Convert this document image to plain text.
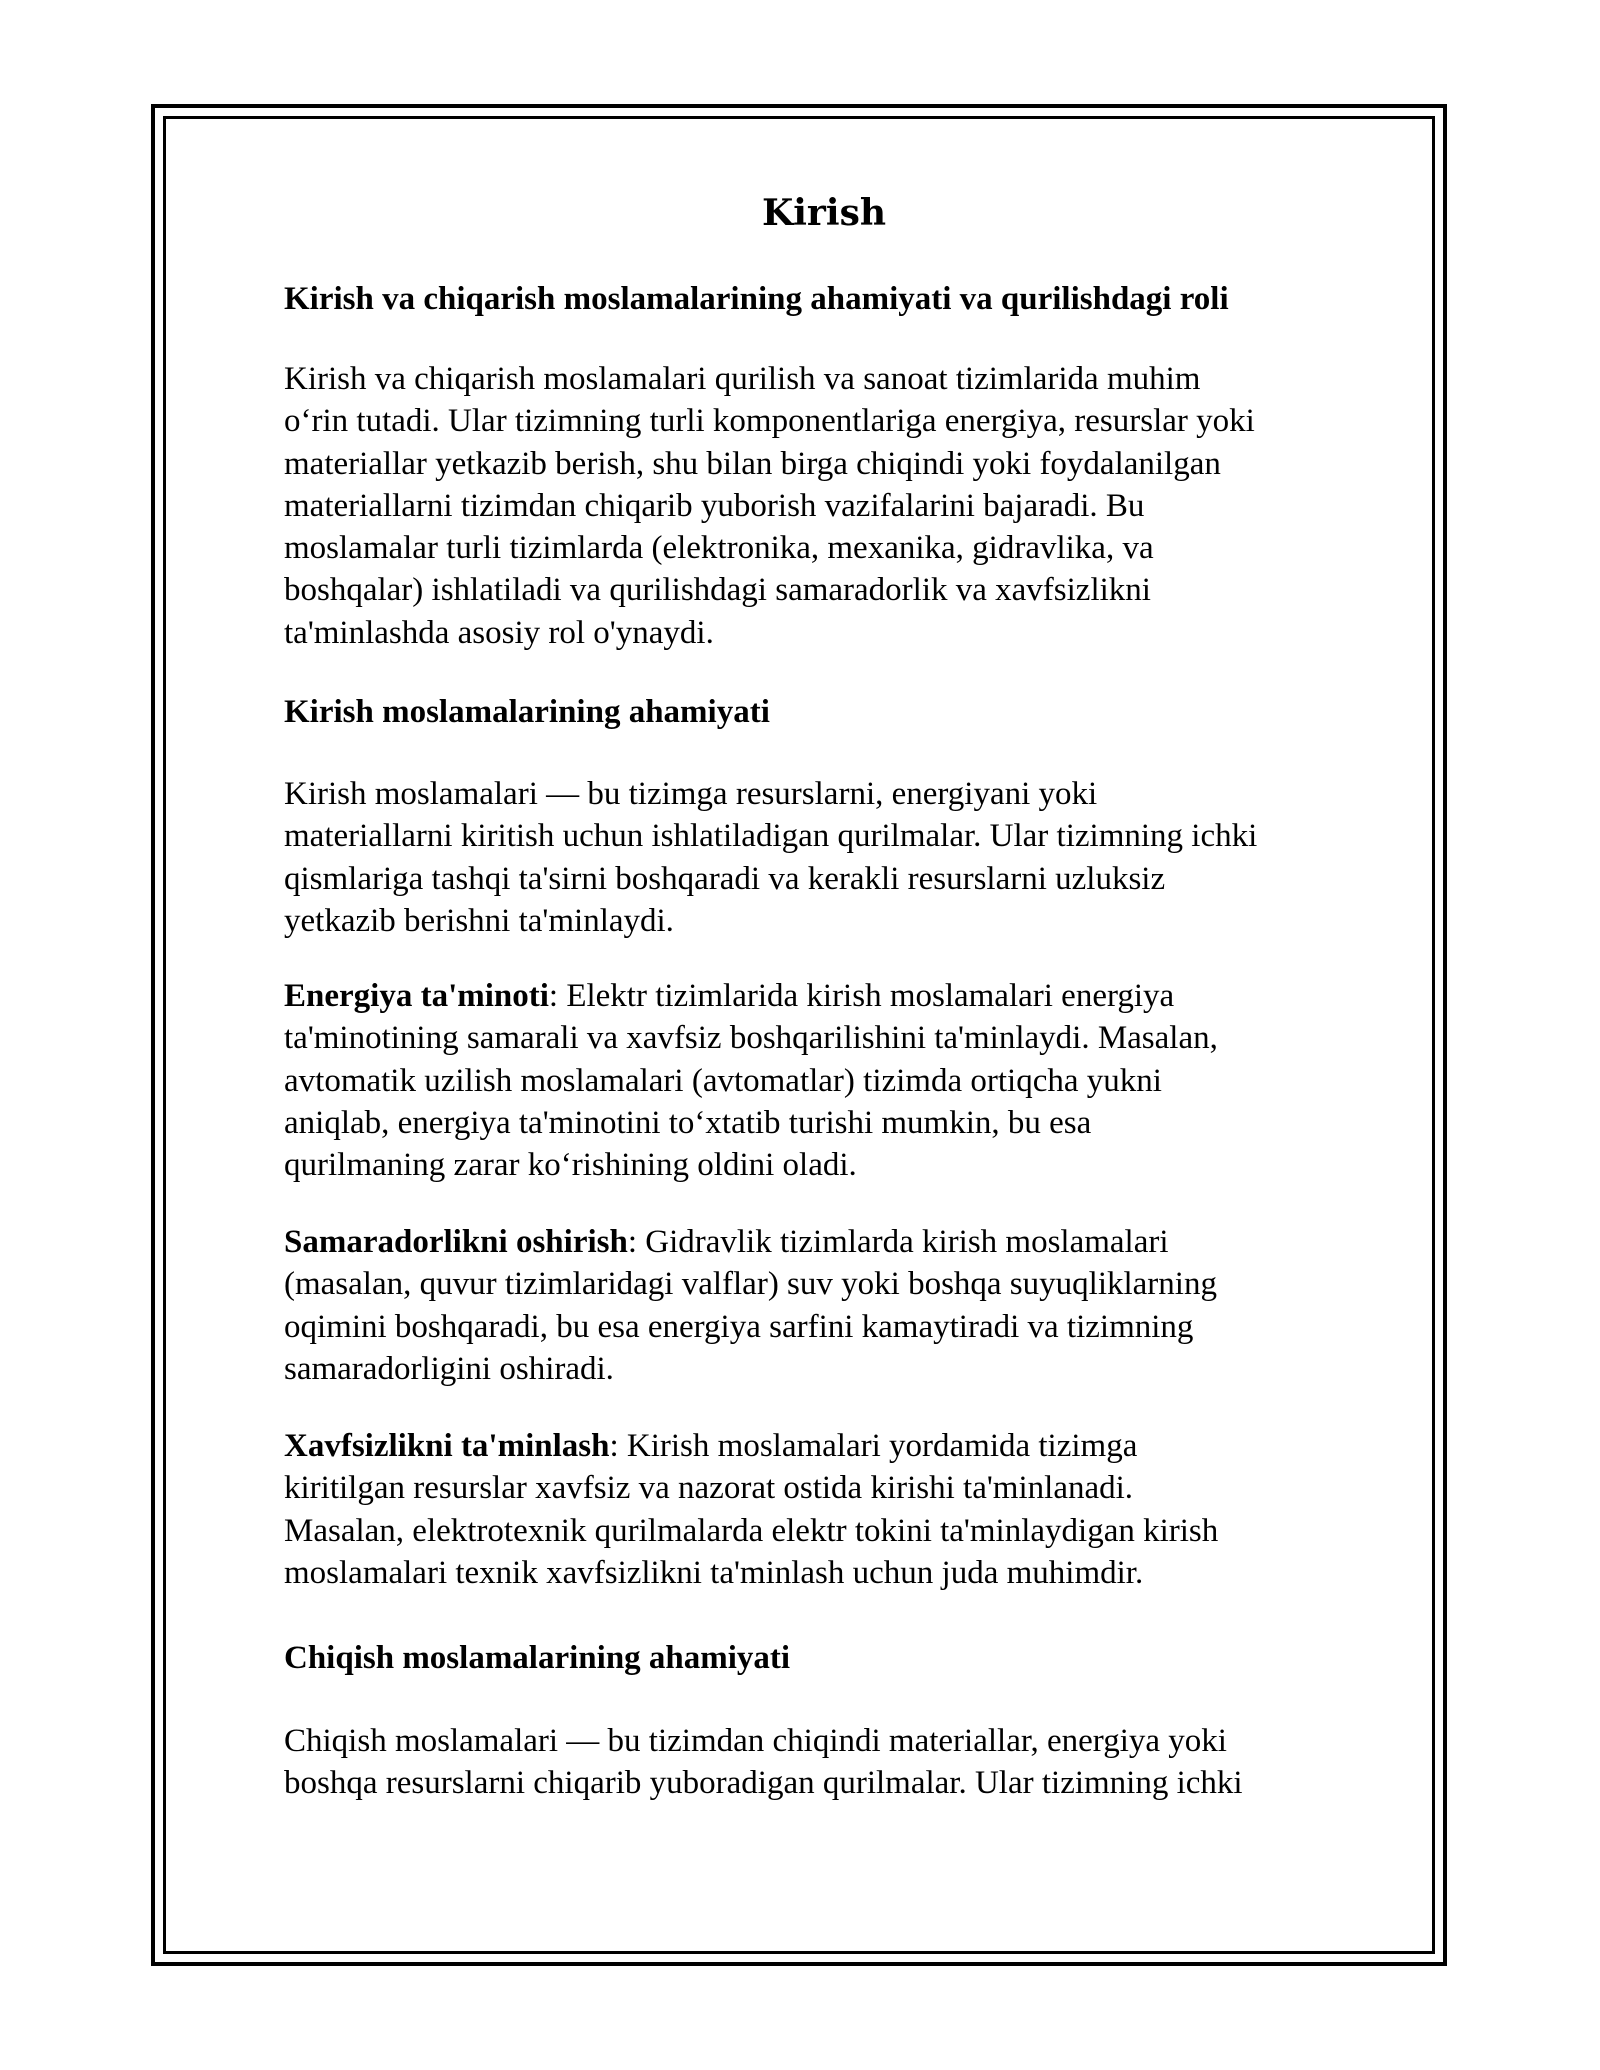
Kirish
Kirish va chiqarish moslamalarining ahamiyati va qurilishdagi roli

Kirish va chiqarish moslamalari qurilish va sanoat tizimlarida muhim
o‘rin tutadi. Ular tizimning turli komponentlariga energiya, resurslar yoki
materiallar yetkazib berish, shu bilan birga chiqindi yoki foydalanilgan
materiallarni tizimdan chiqarib yuborish vazifalarini bajaradi. Bu
moslamalar turli tizimlarda (elektronika, mexanika, gidravlika, va
boshqalar) ishlatiladi va qurilishdagi samaradorlik va xavfsizlikni
ta'minlashda asosiy rol o'ynaydi.

Kirish moslamalarining ahamiyati

Kirish moslamalari — bu tizimga resurslarni, energiyani yoki
materiallarni kiritish uchun ishlatiladigan qurilmalar. Ular tizimning ichki
qismlariga tashqi ta'sirni boshqaradi va kerakli resurslarni uzluksiz
yetkazib berishni ta'minlaydi.

Energiya ta'minoti: Elektr tizimlarida kirish moslamalari energiya
ta'minotining samarali va xavfsiz boshqarilishini ta'minlaydi. Masalan,
avtomatik uzilish moslamalari (avtomatlar) tizimda ortiqcha yukni
aniqlab, energiya ta'minotini to‘xtatib turishi mumkin, bu esa
qurilmaning zarar ko‘rishining oldini oladi.

Samaradorlikni oshirish: Gidravlik tizimlarda kirish moslamalari
(masalan, quvur tizimlaridagi valflar) suv yoki boshqa suyuqliklarning
oqimini boshqaradi, bu esa energiya sarfini kamaytiradi va tizimning
samaradorligini oshiradi.

Xavfsizlikni ta'minlash: Kirish moslamalari yordamida tizimga
kiritilgan resurslar xavfsiz va nazorat ostida kirishi ta'minlanadi.
Masalan, elektrotexnik qurilmalarda elektr tokini ta'minlaydigan kirish
moslamalari texnik xavfsizlikni ta'minlash uchun juda muhimdir.

Chiqish moslamalarining ahamiyati

Chiqish moslamalari — bu tizimdan chiqindi materiallar, energiya yoki
boshqa resurslarni chiqarib yuboradigan qurilmalar. Ular tizimning ichki
